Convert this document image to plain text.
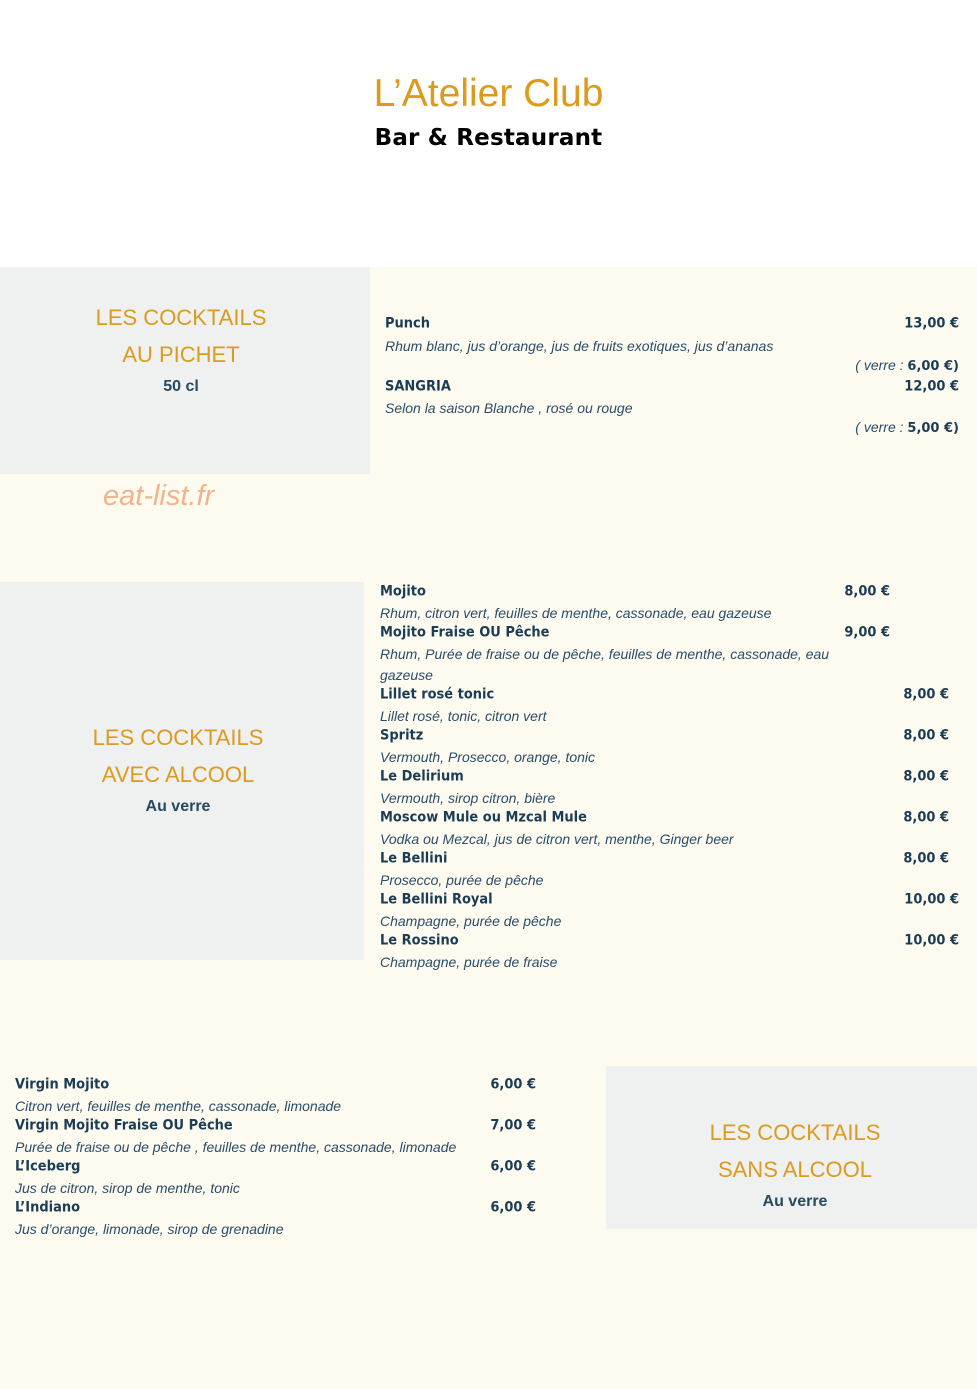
L’Atelier Club
Bar & Restaurant
LES COCKTAILS
AU PICHET
50 cl
Punch	13,00 €
Rhum blanc, jus d’orange, jus de fruits exotiques, jus d’ananas
( verre : 6,00 €)
SANGRIA	12,00 €
Selon la saison Blanche , rosé ou rouge
( verre : 5,00 €)
eat-list.fr
LES COCKTAILS
AVEC ALCOOL
Au verre
Mojito	8,00 €
Rhum, citron vert, feuilles de menthe, cassonade, eau gazeuse
Mojito Fraise OU Pêche	9,00 €
Rhum, Purée de fraise ou de pêche, feuilles de menthe, cassonade, eau
gazeuse
Lillet rosé tonic	8,00 €
Lillet rosé, tonic, citron vert
Spritz	8,00 €
Vermouth, Prosecco, orange, tonic
Le Delirium	8,00 €
Vermouth, sirop citron, bière
Moscow Mule ou Mzcal Mule	8,00 €
Vodka ou Mezcal, jus de citron vert, menthe, Ginger beer
Le Bellini	8,00 €
Prosecco, purée de pêche
Le Bellini Royal	10,00 €
Champagne, purée de pêche
Le Rossino	10,00 €
Champagne, purée de fraise
LES COCKTAILS
SANS ALCOOL
Au verre
Virgin Mojito	6,00 €
Citron vert, feuilles de menthe, cassonade, limonade
Virgin Mojito Fraise OU Pêche	7,00 €
Purée de fraise ou de pêche , feuilles de menthe, cassonade, limonade
L’Iceberg	6,00 €
Jus de citron, sirop de menthe, tonic
L’Indiano	6,00 €
Jus d’orange, limonade, sirop de grenadine
